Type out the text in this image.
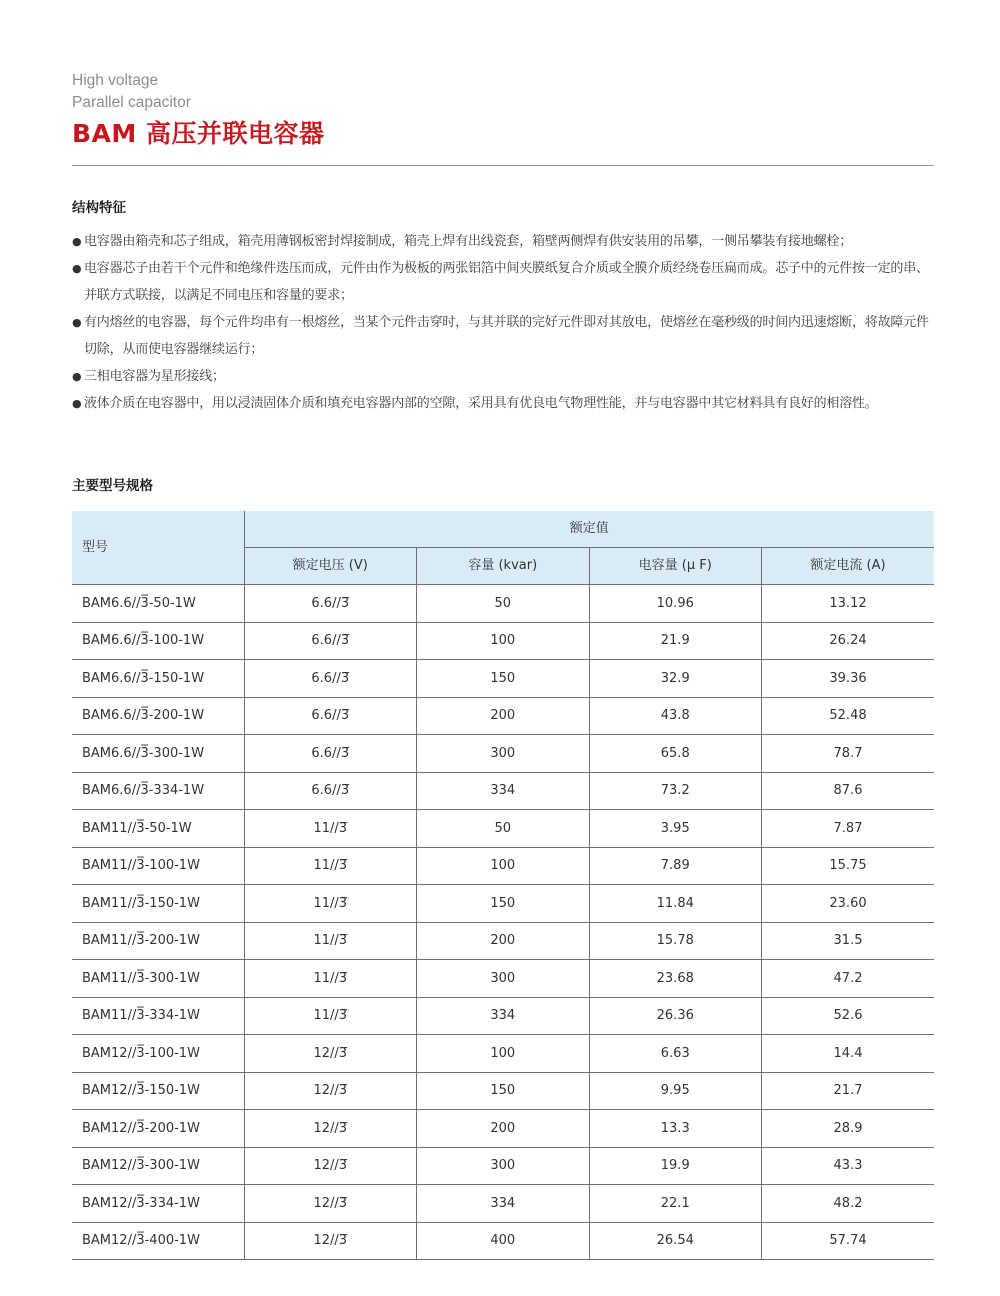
High voltage

Parallel capacitor

BAM 高压并联电容器
结构特征
● 电容器由箱壳和芯子组成，箱壳用薄钢板密封焊接制成，箱壳上焊有出线瓷套，箱壁两侧焊有供安装用的吊攀，一侧吊攀装有接地螺栓；
● 电容器芯子由若干个元件和绝缘件迭压而成，元件由作为极板的两张铝箔中间夹膜纸复合介质或全膜介质经绕卷压扁而成。芯子中的元件按一定的串、并联方式联接，以满足不同电压和容量的要求；
● 有内熔丝的电容器，每个元件均串有一根熔丝，当某个元件击穿时，与其并联的完好元件即对其放电，使熔丝在毫秒级的时间内迅速熔断，将故障元件切除，从而使电容器继续运行；
● 三相电容器为星形接线；
● 液体介质在电容器中，用以浸渍固体介质和填充电容器内部的空隙，采用具有优良电气物理性能，并与电容器中其它材料具有良好的相溶性。
主要型号规格
型号	额定值			
	额定电压 (V)	容量 (kvar)	电容量 (μ F)	额定电流 (A)
BAM6.6//3̅-50-1W	6.6//3̅	50	10.96	13.12
BAM6.6//3̅-100-1W	6.6//3̅	100	21.9	26.24
BAM6.6//3̅-150-1W	6.6//3̅	150	32.9	39.36
BAM6.6//3̅-200-1W	6.6//3̅	200	43.8	52.48
BAM6.6//3̅-300-1W	6.6//3̅	300	65.8	78.7
BAM6.6//3̅-334-1W	6.6//3̅	334	73.2	87.6
BAM11//3̅-50-1W	11//3̅	50	3.95	7.87
BAM11//3̅-100-1W	11//3̅	100	7.89	15.75
BAM11//3̅-150-1W	11//3̅	150	11.84	23.60
BAM11//3̅-200-1W	11//3̅	200	15.78	31.5
BAM11//3̅-300-1W	11//3̅	300	23.68	47.2
BAM11//3̅-334-1W	11//3̅	334	26.36	52.6
BAM12//3̅-100-1W	12//3̅	100	6.63	14.4
BAM12//3̅-150-1W	12//3̅	150	9.95	21.7
BAM12//3̅-200-1W	12//3̅	200	13.3	28.9
BAM12//3̅-300-1W	12//3̅	300	19.9	43.3
BAM12//3̅-334-1W	12//3̅	334	22.1	48.2
BAM12//3̅-400-1W	12//3̅	400	26.54	57.74
